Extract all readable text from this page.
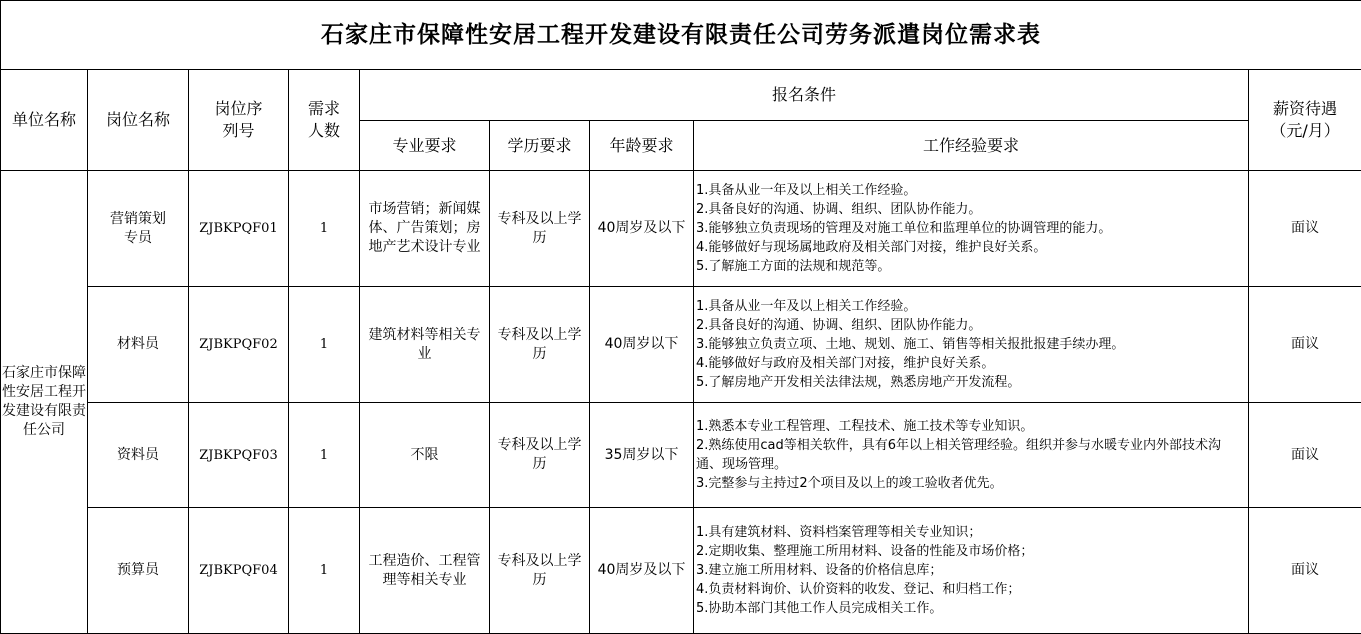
石家庄市保障性安居工程开发建设有限责任公司劳务派遣岗位需求表								
单位名称	岗位名称	岗位序列号	需求人数	报名条件				薪资待遇（元/月）
				专业要求	学历要求	年龄要求	工作经验要求	
石家庄市保障性安居工程开发建设有限责任公司	营销策划专员	ZJBKPQF01	1	市场营销；新闻媒体、广告策划；房地产艺术设计专业	专科及以上学历	40周岁及以下	1.具备从业一年及以上相关工作经验。
2.具备良好的沟通、协调、组织、团队协作能力。
3.能够独立负责现场的管理及对施工单位和监理单位的协调管理的能力。
4.能够做好与现场属地政府及相关部门对接，维护良好关系。
5.了解施工方面的法规和规范等。	面议
	材料员	ZJBKPQF02	1	建筑材料等相关专业	专科及以上学历	40周岁以下	1.具备从业一年及以上相关工作经验。
2.具备良好的沟通、协调、组织、团队协作能力。
3.能够独立负责立项、土地、规划、施工、销售等相关报批报建手续办理。
4.能够做好与政府及相关部门对接，维护良好关系。
5.了解房地产开发相关法律法规，熟悉房地产开发流程。	面议
	资料员	ZJBKPQF03	1	不限	专科及以上学历	35周岁以下	1.熟悉本专业工程管理、工程技术、施工技术等专业知识。
2.熟练使用cad等相关软件，具有6年以上相关管理经验。组织并参与水暖专业内外部技术沟通、现场管理。
3.完整参与主持过2个项目及以上的竣工验收者优先。	面议
	预算员	ZJBKPQF04	1	工程造价、工程管理等相关专业	专科及以上学历	40周岁及以下	1.具有建筑材料、资料档案管理等相关专业知识；
2.定期收集、整理施工所用材料、设备的性能及市场价格；
3.建立施工所用材料、设备的价格信息库；
4.负责材料询价、认价资料的收发、登记、和归档工作；
5.协助本部门其他工作人员完成相关工作。	面议
